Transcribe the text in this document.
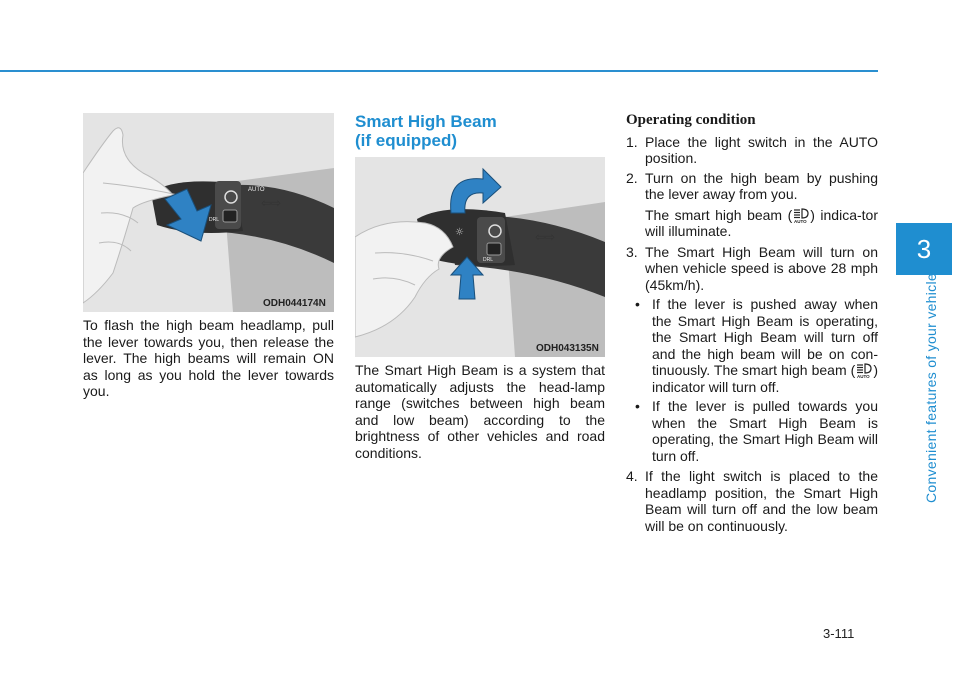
3
Convenient features of your vehicle
AUTO
DRL
⇦⇨
ODH044174N

To flash the high beam headlamp, pull the lever towards you, then release the lever. The high beams will remain ON as long as you hold the lever towards you.

Smart High Beam
(if equipped)
☼
DRL
⇦⇨
ODH043135N

The Smart High Beam is a system that automatically adjusts the head-lamp range (switches between high beam and low beam) according to the brightness of other vehicles and road conditions.

Operating condition
1. Place the light switch in the AUTO position.
2. Turn on the high beam by pushing the lever away from you.
The smart high beam ( AUTO ) indica-tor will illuminate.
3. The Smart High Beam will turn on when vehicle speed is above 28 mph (45km/h).
• If the lever is pushed away when the Smart High Beam is operating, the Smart High Beam will turn off and the high beam will be on con-tinuously. The smart high beam ( AUTO ) indicator will turn off.
• If the lever is pulled towards you when the Smart High Beam is operating, the Smart High Beam will turn off.
4. If the light switch is placed to the headlamp position, the Smart High Beam will turn off and the low beam will be on continuously.
3-111
